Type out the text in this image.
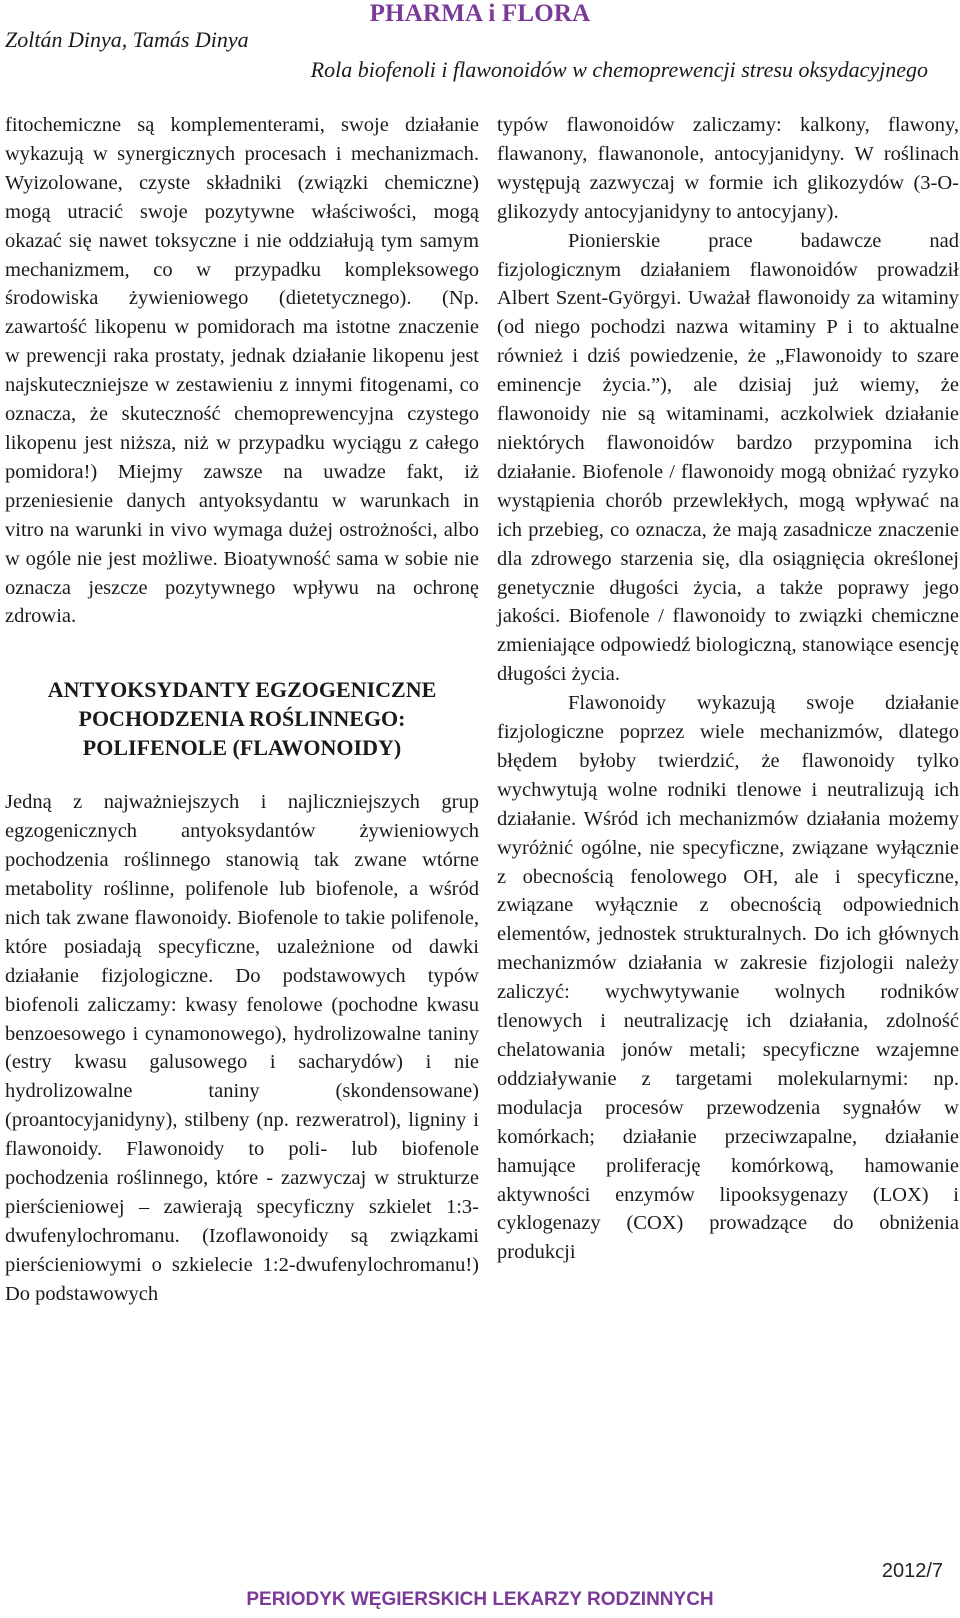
PHARMA i FLORA
Zoltán Dinya, Tamás Dinya
Rola biofenoli i flawonoidów w chemoprewencji stresu oksydacyjnego

fitochemiczne są komplementerami, swoje działanie wykazują w synergicznych procesach i mechanizmach. Wyizolowane, czyste składniki (związki chemiczne) mogą utracić swoje pozytywne właściwości, mogą okazać się nawet toksyczne i nie oddziałują tym samym mechanizmem, co w przypadku kompleksowego środowiska żywieniowego (dietetycznego). (Np. zawartość likopenu w pomidorach ma istotne znaczenie w prewencji raka prostaty, jednak działanie likopenu jest najskuteczniejsze w zestawieniu z innymi fitogenami, co oznacza, że skuteczność chemoprewencyjna czystego likopenu jest niższa, niż w przypadku wyciągu z całego pomidora!) Miejmy zawsze na uwadze fakt, iż przeniesienie danych antyoksydantu w warunkach in vitro na warunki in vivo wymaga dużej ostrożności, albo w ogóle nie jest możliwe. Bioatywność sama w sobie nie oznacza jeszcze pozytywnego wpływu na ochronę zdrowia.

ANTYOKSYDANTY EGZOGENICZNE
POCHODZENIA ROŚLINNEGO:
POLIFENOLE (FLAWONOIDY)

Jedną z najważniejszych i najliczniejszych grup egzogenicznych antyoksydantów żywieniowych pochodzenia roślinnego stanowią tak zwane wtórne metabolity roślinne, polifenole lub biofenole, a wśród nich tak zwane flawonoidy. Biofenole to takie polifenole, które posiadają specyficzne, uzależnione od dawki działanie fizjologiczne. Do podstawowych typów biofenoli zaliczamy: kwasy fenolowe (pochodne kwasu benzoesowego i cynamonowego), hydrolizowalne taniny (estry kwasu galusowego i sacharydów) i nie hydrolizowalne taniny (skondensowane) (proantocyjanidyny), stilbeny (np. rezweratrol), ligniny i flawonoidy. Flawonoidy to poli- lub biofenole pochodzenia roślinnego, które - zazwyczaj w strukturze pierścieniowej – zawierają specyficzny szkielet 1:3-dwufenylochromanu. (Izoflawonoidy są związkami pierścieniowymi o szkielecie 1:2-dwufenylochromanu!) Do podstawowych

typów flawonoidów zaliczamy: kalkony, flawony, flawanony, flawanonole, antocyjanidyny. W roślinach występują zazwyczaj w formie ich glikozydów (3-O-glikozydy antocyjanidyny to antocyjany).

Pionierskie prace badawcze nad fizjologicznym działaniem flawonoidów prowadził Albert Szent-Györgyi. Uważał flawonoidy za witaminy (od niego pochodzi nazwa witaminy P i to aktualne również i dziś powiedzenie, że „Flawonoidy to szare eminencje życia.”), ale dzisiaj już wiemy, że flawonoidy nie są witaminami, aczkolwiek działanie niektórych flawonoidów bardzo przypomina ich działanie. Biofenole / flawonoidy mogą obniżać ryzyko wystąpienia chorób przewlekłych, mogą wpływać na ich przebieg, co oznacza, że mają zasadnicze znaczenie dla zdrowego starzenia się, dla osiągnięcia określonej genetycznie długości życia, a także poprawy jego jakości. Biofenole / flawonoidy to związki chemiczne zmieniające odpowiedź biologiczną, stanowiące esencję długości życia.

Flawonoidy wykazują swoje działanie fizjologiczne poprzez wiele mechanizmów, dlatego błędem byłoby twierdzić, że flawonoidy tylko wychwytują wolne rodniki tlenowe i neutralizują ich działanie. Wśród ich mechanizmów działania możemy wyróżnić ogólne, nie specyficzne, związane wyłącznie z obecnością fenolowego OH, ale i specyficzne, związane wyłącznie z obecnością odpowiednich elementów, jednostek strukturalnych. Do ich głównych mechanizmów działania w zakresie fizjologii należy zaliczyć: wychwytywanie wolnych rodników tlenowych i neutralizację ich działania, zdolność chelatowania jonów metali; specyficzne wzajemne oddziaływanie z targetami molekularnymi: np. modulacja procesów przewodzenia sygnałów w komórkach; działanie przeciwzapalne, działanie hamujące proliferację komórkową, hamowanie aktywności enzymów lipooksygenazy (LOX) i cyklogenazy (COX) prowadzące do obniżenia produkcji

2012/7
PERIODYK WĘGIERSKICH LEKARZY RODZINNYCH
